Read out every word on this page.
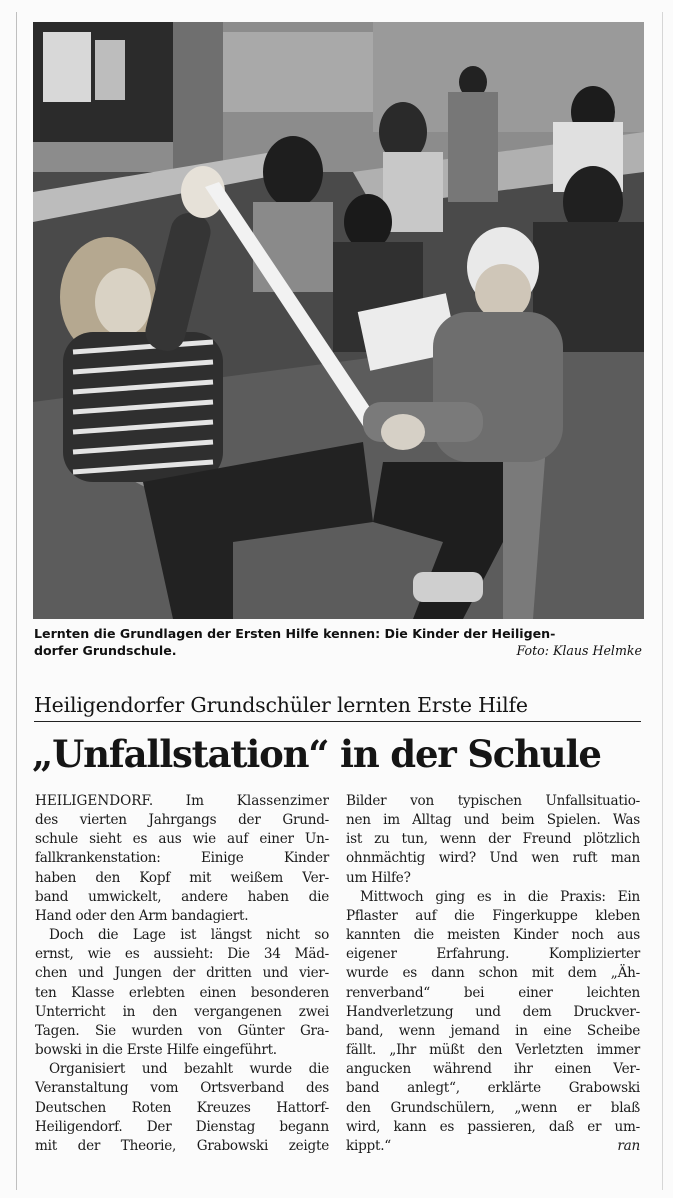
Lernten die Grundlagen der Ersten Hilfe kennen: Die Kinder der Heiligen-
dorfer Grundschule.	Foto: Klaus Helmke
Heiligendorfer Grundschüler lernten Erste Hilfe
„Unfallstation“ in der Schule
HEILIGENDORF. Im Klassenzimer
des vierten Jahrgangs der Grund-
schule sieht es aus wie auf einer Un-
fallkrankenstation: Einige Kinder
haben den Kopf mit weißem Ver-
band umwickelt, andere haben die
Hand oder den Arm bandagiert.
Doch die Lage ist längst nicht so
ernst, wie es aussieht: Die 34 Mäd-
chen und Jungen der dritten und vier-
ten Klasse erlebten einen besonderen
Unterricht in den vergangenen zwei
Tagen. Sie wurden von Günter Gra-
bowski in die Erste Hilfe eingeführt.
Organisiert und bezahlt wurde die
Veranstaltung vom Ortsverband des
Deutschen Roten Kreuzes Hattorf-
Heiligendorf. Der Dienstag begann
mit der Theorie, Grabowski zeigte
Bilder von typischen Unfallsituatio-
nen im Alltag und beim Spielen. Was
ist zu tun, wenn der Freund plötzlich
ohnmächtig wird? Und wen ruft man
um Hilfe?
Mittwoch ging es in die Praxis: Ein
Pflaster auf die Fingerkuppe kleben
kannten die meisten Kinder noch aus
eigener Erfahrung. Komplizierter
wurde es dann schon mit dem „Äh-
renverband“ bei einer leichten
Handverletzung und dem Druckver-
band, wenn jemand in eine Scheibe
fällt. „Ihr müßt den Verletzten immer
angucken während ihr einen Ver-
band anlegt“, erklärte Grabowski
den Grundschülern, „wenn er blaß
wird, kann es passieren, daß er um-
kippt.“	ran
